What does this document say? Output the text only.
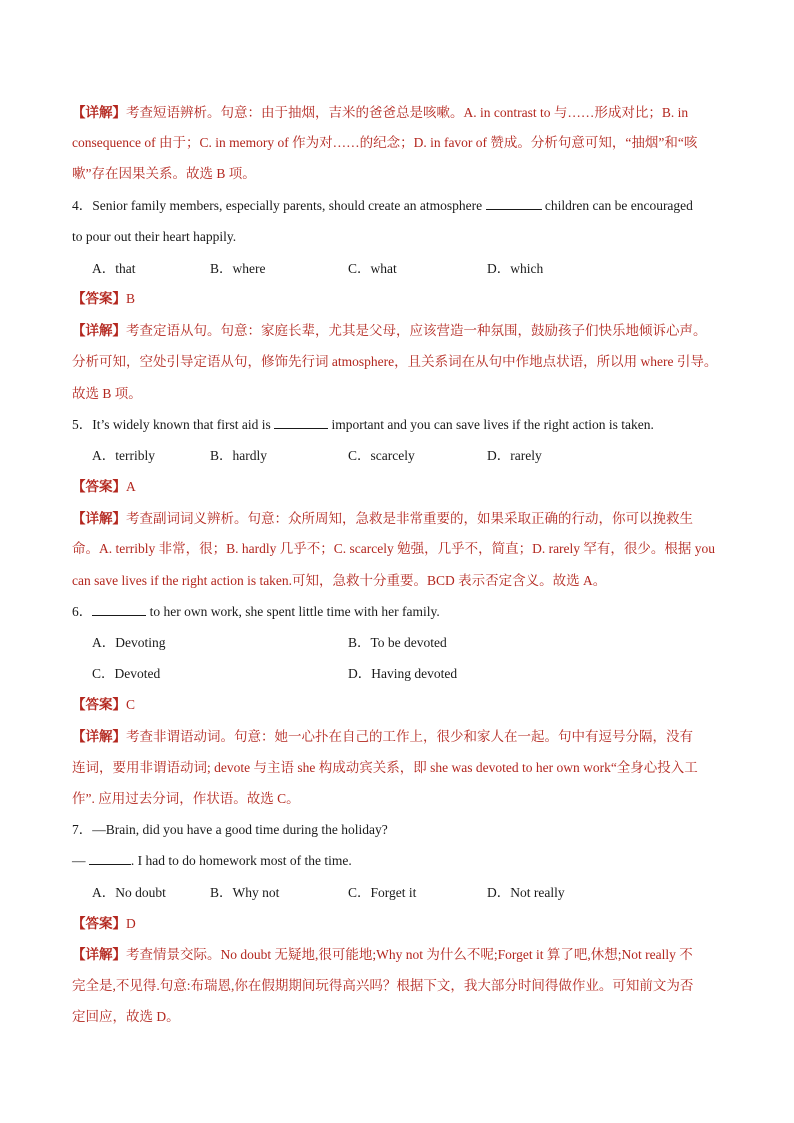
【详解】考查短语辨析。句意：由于抽烟，吉米的爸爸总是咳嗽。A. in contrast to 与……形成对比；B. in
consequence of 由于；C. in memory of 作为对……的纪念；D. in favor of 赞成。分析句意可知，“抽烟”和“咳
嗽”存在因果关系。故选 B 项。
4．Senior family members, especially parents, should create an atmosphere	children can be encouraged
to pour out their heart happily.
A．that	B．where	C．what	D．which
【答案】B
【详解】考查定语从句。句意：家庭长辈，尤其是父母，应该营造一种氛围，鼓励孩子们快乐地倾诉心声。
分析可知，空处引导定语从句，修饰先行词 atmosphere，且关系词在从句中作地点状语，所以用 where 引导。
故选 B 项。
5．It’s widely known that first aid is	important and you can save lives if the right action is taken.
A．terribly	B．hardly	C．scarcely	D．rarely
【答案】A
【详解】考查副词词义辨析。句意：众所周知，急救是非常重要的，如果采取正确的行动，你可以挽救生
命。A. terribly 非常，很；B. hardly 几乎不；C. scarcely 勉强，几乎不，简直；D. rarely 罕有，很少。根据 you
can save lives if the right action is taken.可知，急救十分重要。BCD 表示否定含义。故选 A。
6．	to her own work, she spent little time with her family.
A．Devoting	B．To be devoted
C．Devoted	D．Having devoted
【答案】C
【详解】考查非谓语动词。句意：她一心扑在自己的工作上，很少和家人在一起。句中有逗号分隔，没有
连词，要用非谓语动词; devote 与主语 she 构成动宾关系，即 she was devoted to her own work“全身心投入工
作”. 应用过去分词，作状语。故选 C。
7．—Brain, did you have a good time during the holiday?
—	. I had to do homework most of the time.
A．No doubt	B．Why not	C．Forget it	D．Not really
【答案】D
【详解】考查情景交际。No doubt 无疑地,很可能地;Why not 为什么不呢;Forget it 算了吧,休想;Not really 不
完全是,不见得.句意:布瑞恩,你在假期期间玩得高兴吗？根据下文，我大部分时间得做作业。可知前文为否
定回应，故选 D。
